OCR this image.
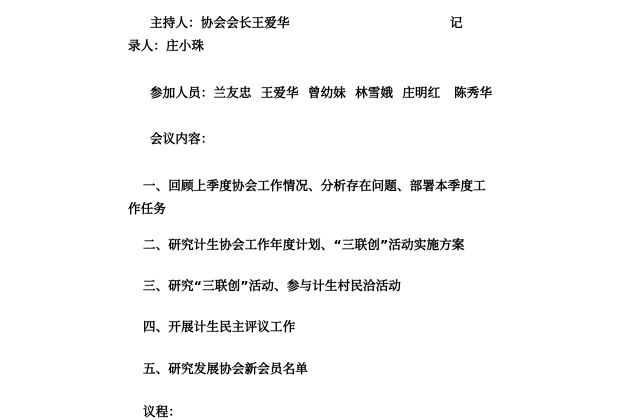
主持人：协会会长王爱华	记
录人：庄小珠
参加人员：兰友忠  王爱华  曾幼妹  林雪娥  庄明红   陈秀华
会议内容：
一、回顾上季度协会工作情况、分析存在问题、部署本季度工
作任务
二、研究计生协会工作年度计划、“三联创”活动实施方案
三、研究“三联创”活动、参与计生村民洽活动
四、开展计生民主评议工作
五、研究发展协会新会员名单
议程：
